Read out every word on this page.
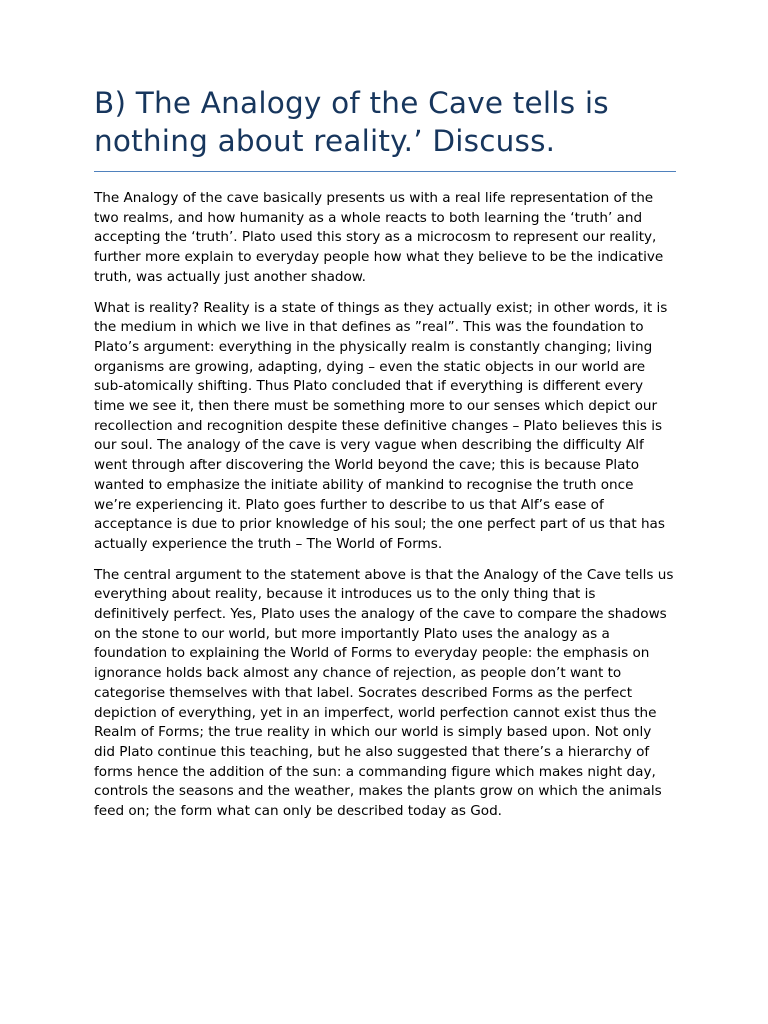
B) The Analogy of the Cave tells is nothing about reality.’ Discuss.

The Analogy of the cave basically presents us with a real life representation of the two realms, and how humanity as a whole reacts to both learning the ‘truth’ and accepting the ‘truth’. Plato used this story as a microcosm to represent our reality, further more explain to everyday people how what they believe to be the indicative truth, was actually just another shadow.

What is reality? Reality is a state of things as they actually exist; in other words, it is the medium in which we live in that defines as ”real”. This was the foundation to Plato’s argument: everything in the physically realm is constantly changing; living organisms are growing, adapting, dying – even the static objects in our world are sub-atomically shifting. Thus Plato concluded that if everything is different every time we see it, then there must be something more to our senses which depict our recollection and recognition despite these definitive changes – Plato believes this is our soul. The analogy of the cave is very vague when describing the difficulty Alf went through after discovering the World beyond the cave; this is because Plato wanted to emphasize the initiate ability of mankind to recognise the truth once we’re experiencing it. Plato goes further to describe to us that Alf’s ease of acceptance is due to prior knowledge of his soul; the one perfect part of us that has actually experience the truth – The World of Forms.

The central argument to the statement above is that the Analogy of the Cave tells us everything about reality, because it introduces us to the only thing that is definitively perfect. Yes, Plato uses the analogy of the cave to compare the shadows on the stone to our world, but more importantly Plato uses the analogy as a foundation to explaining the World of Forms to everyday people: the emphasis on ignorance holds back almost any chance of rejection, as people don’t want to categorise themselves with that label. Socrates described Forms as the perfect depiction of everything, yet in an imperfect, world perfection cannot exist thus the Realm of Forms; the true reality in which our world is simply based upon. Not only did Plato continue this teaching, but he also suggested that there’s a hierarchy of forms hence the addition of the sun: a commanding figure which makes night day, controls the seasons and the weather, makes the plants grow on which the animals feed on; the form what can only be described today as God.
